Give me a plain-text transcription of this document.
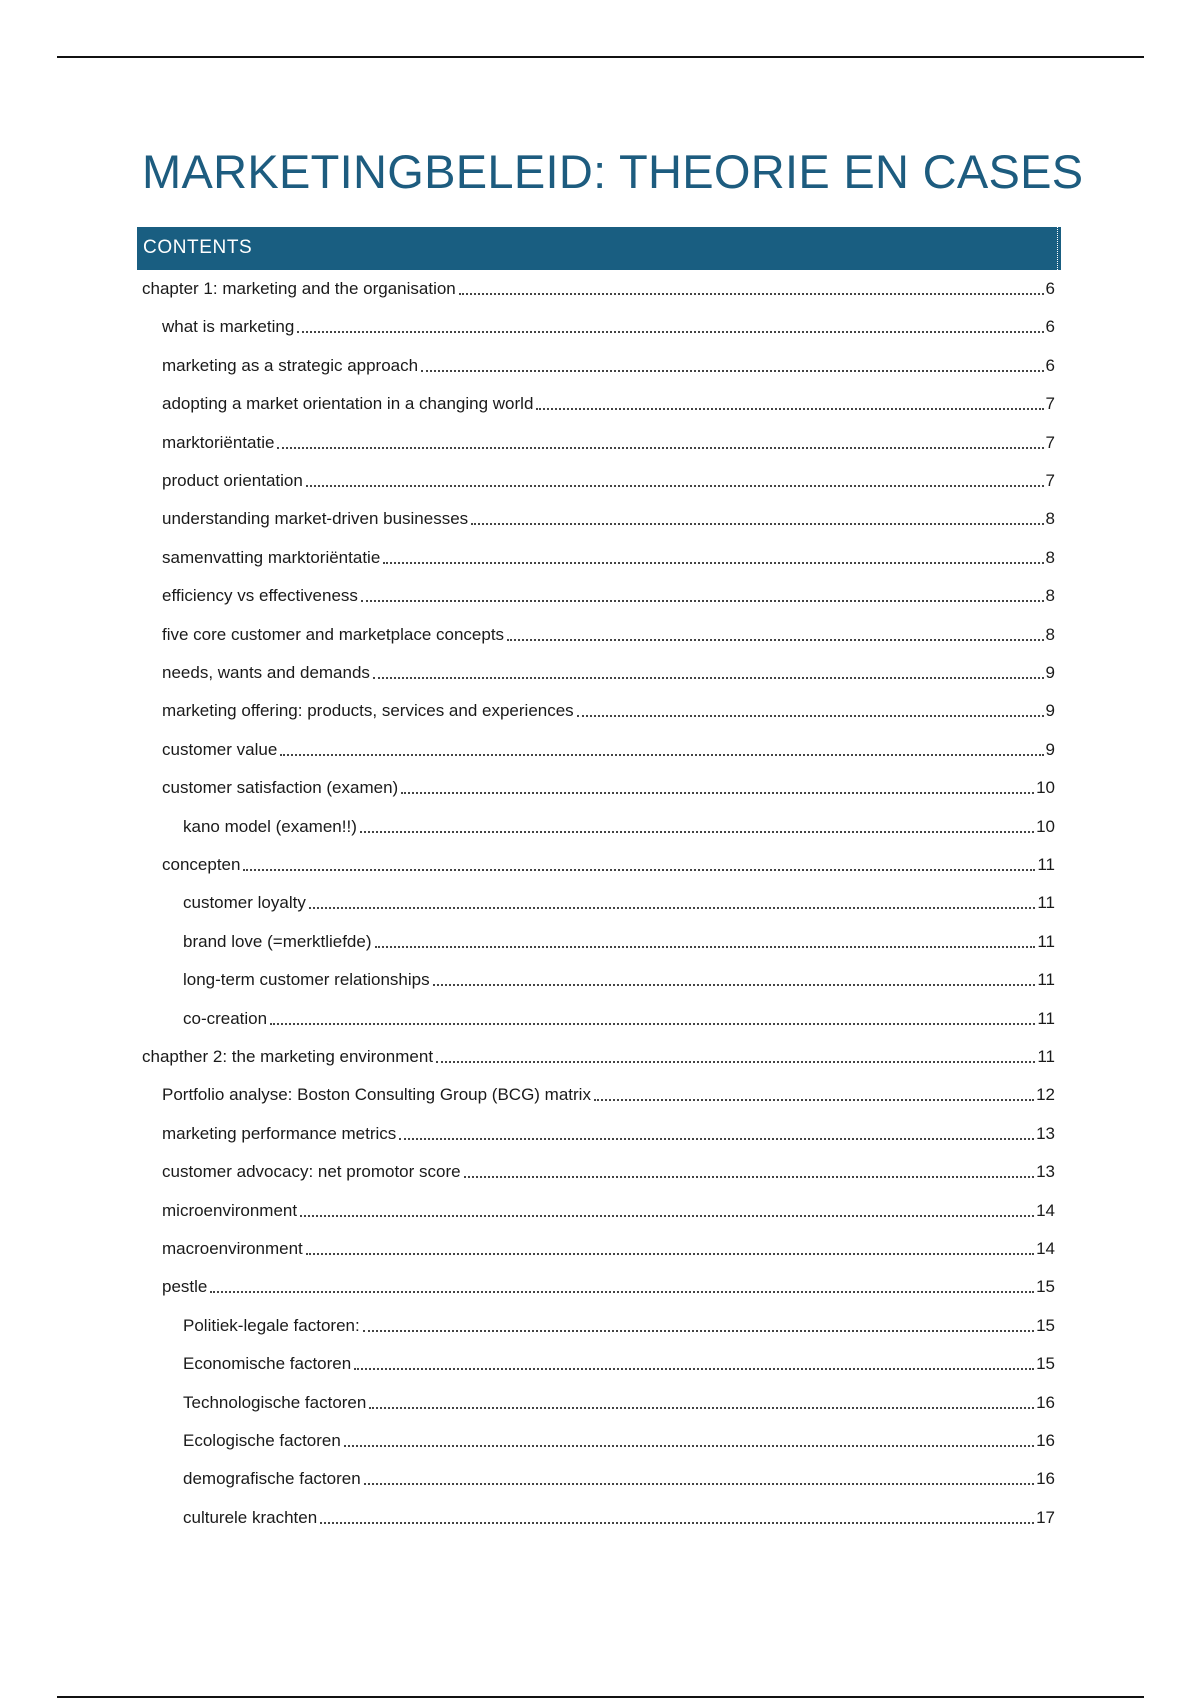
MARKETINGBELEID: THEORIE EN CASES
CONTENTS
chapter 1: marketing and the organisation	6
what is marketing	6
marketing as a strategic approach	6
adopting a market orientation in a changing world	7
marktoriëntatie	7
product orientation	7
understanding market-driven businesses	8
samenvatting marktoriëntatie	8
efficiency vs effectiveness	8
five core customer and marketplace concepts	8
needs, wants and demands	9
marketing offering: products, services and experiences	9
customer value	9
customer satisfaction (examen)	10
kano model (examen!!)	10
concepten	11
customer loyalty	11
brand love (=merktliefde)	11
long-term customer relationships	11
co-creation	11
chapther 2: the marketing environment	11
Portfolio analyse: Boston Consulting Group (BCG) matrix	12
marketing performance metrics	13
customer advocacy: net promotor score	13
microenvironment	14
macroenvironment	14
pestle	15
Politiek-legale factoren:	15
Economische factoren	15
Technologische factoren	16
Ecologische factoren	16
demografische factoren	16
culturele krachten	17
